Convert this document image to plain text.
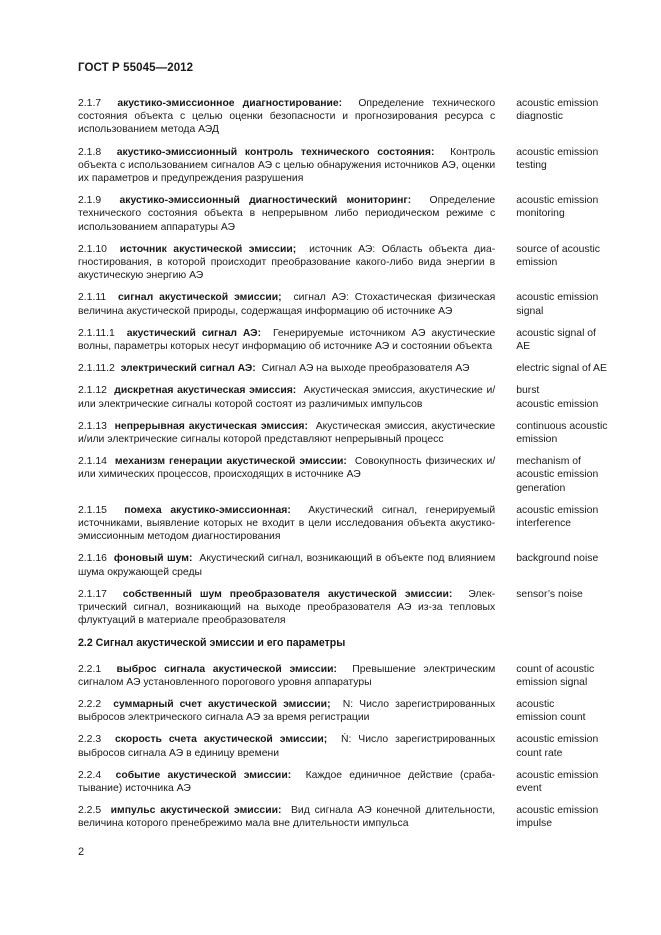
ГОСТ Р 55045—2012
2.1.7 акустико-эмиссионное диагностирование: Определение технического состояния объекта с целью оценки безопасности и прогнозирования ресурса с использованием метода АЭД
acoustic emission
diagnostic
2.1.8 акустико-эмиссионный контроль технического состояния: Контроль объекта с использованием сигналов АЭ с целью обнаружения источников АЭ, оценки их параметров и предупреждения разрушения
acoustic emission
testing
2.1.9 акустико-эмиссионный диагностический мониторинг: Определение технического состояния объекта в непрерывном либо периодическом режиме с использованием аппаратуры АЭ
acoustic emission
monitoring
2.1.10 источник акустической эмиссии; источник АЭ: Область объекта диагностирования, в которой происходит преобразование какого-либо вида энергии в акустическую энергию АЭ
source of acoustic
emission
2.1.11 сигнал акустической эмиссии; сигнал АЭ: Стохастическая физическая величина акустической природы, содержащая информацию об источнике АЭ
acoustic emission
signal
2.1.11.1 акустический сигнал АЭ: Генерируемые источником АЭ акустические волны, параметры которых несут информацию об источнике АЭ и состоянии объекта
acoustic signal of
AE
2.1.11.2 электрический сигнал АЭ: Сигнал АЭ на выходе преобразователя АЭ	electric signal of AE
2.1.12 дискретная акустическая эмиссия: Акустическая эмиссия, акустические и/или электрические сигналы которой состоят из различимых импульсов
burst
acoustic emission
2.1.13 непрерывная акустическая эмиссия: Акустическая эмиссия, акустические и/или электрические сигналы которой представляют непрерывный процесс
continuous acoustic
emission
2.1.14 механизм генерации акустической эмиссии: Совокупность физических и/или химических процессов, происходящих в источнике АЭ
mechanism of
acoustic emission
generation
2.1.15 помеха акустико-эмиссионная: Акустический сигнал, генерируемый источниками, выявление которых не входит в цели исследования объекта акустико-эмиссионным методом диагностирования
acoustic emission
interference
2.1.16 фоновый шум: Акустический сигнал, возникающий в объекте под влиянием шума окружающей среды
background noise
2.1.17 собственный шум преобразователя акустической эмиссии: Электрический сигнал, возникающий на выходе преобразователя АЭ из-за тепловых флуктуаций в материале преобразователя
sensor’s noise
2.2 Сигнал акустической эмиссии и его параметры
2.2.1 выброс сигнала акустической эмиссии: Превышение электрическим сигналом АЭ установленного порогового уровня аппаратуры
count of acoustic
emission signal
2.2.2 суммарный счет акустической эмиссии; N: Число зарегистрированных выбросов электрического сигнала АЭ за время регистрации
acoustic
emission count
2.2.3 скорость счета акустической эмиссии; Ṅ: Число зарегистрированных выбросов сигнала АЭ в единицу времени
acoustic emission
count rate
2.2.4 событие акустической эмиссии: Каждое единичное действие (срабатывание) источника АЭ
acoustic emission
event
2.2.5 импульс акустической эмиссии: Вид сигнала АЭ конечной длительности, величина которого пренебрежимо мала вне длительности импульса
acoustic emission
impulse
2
